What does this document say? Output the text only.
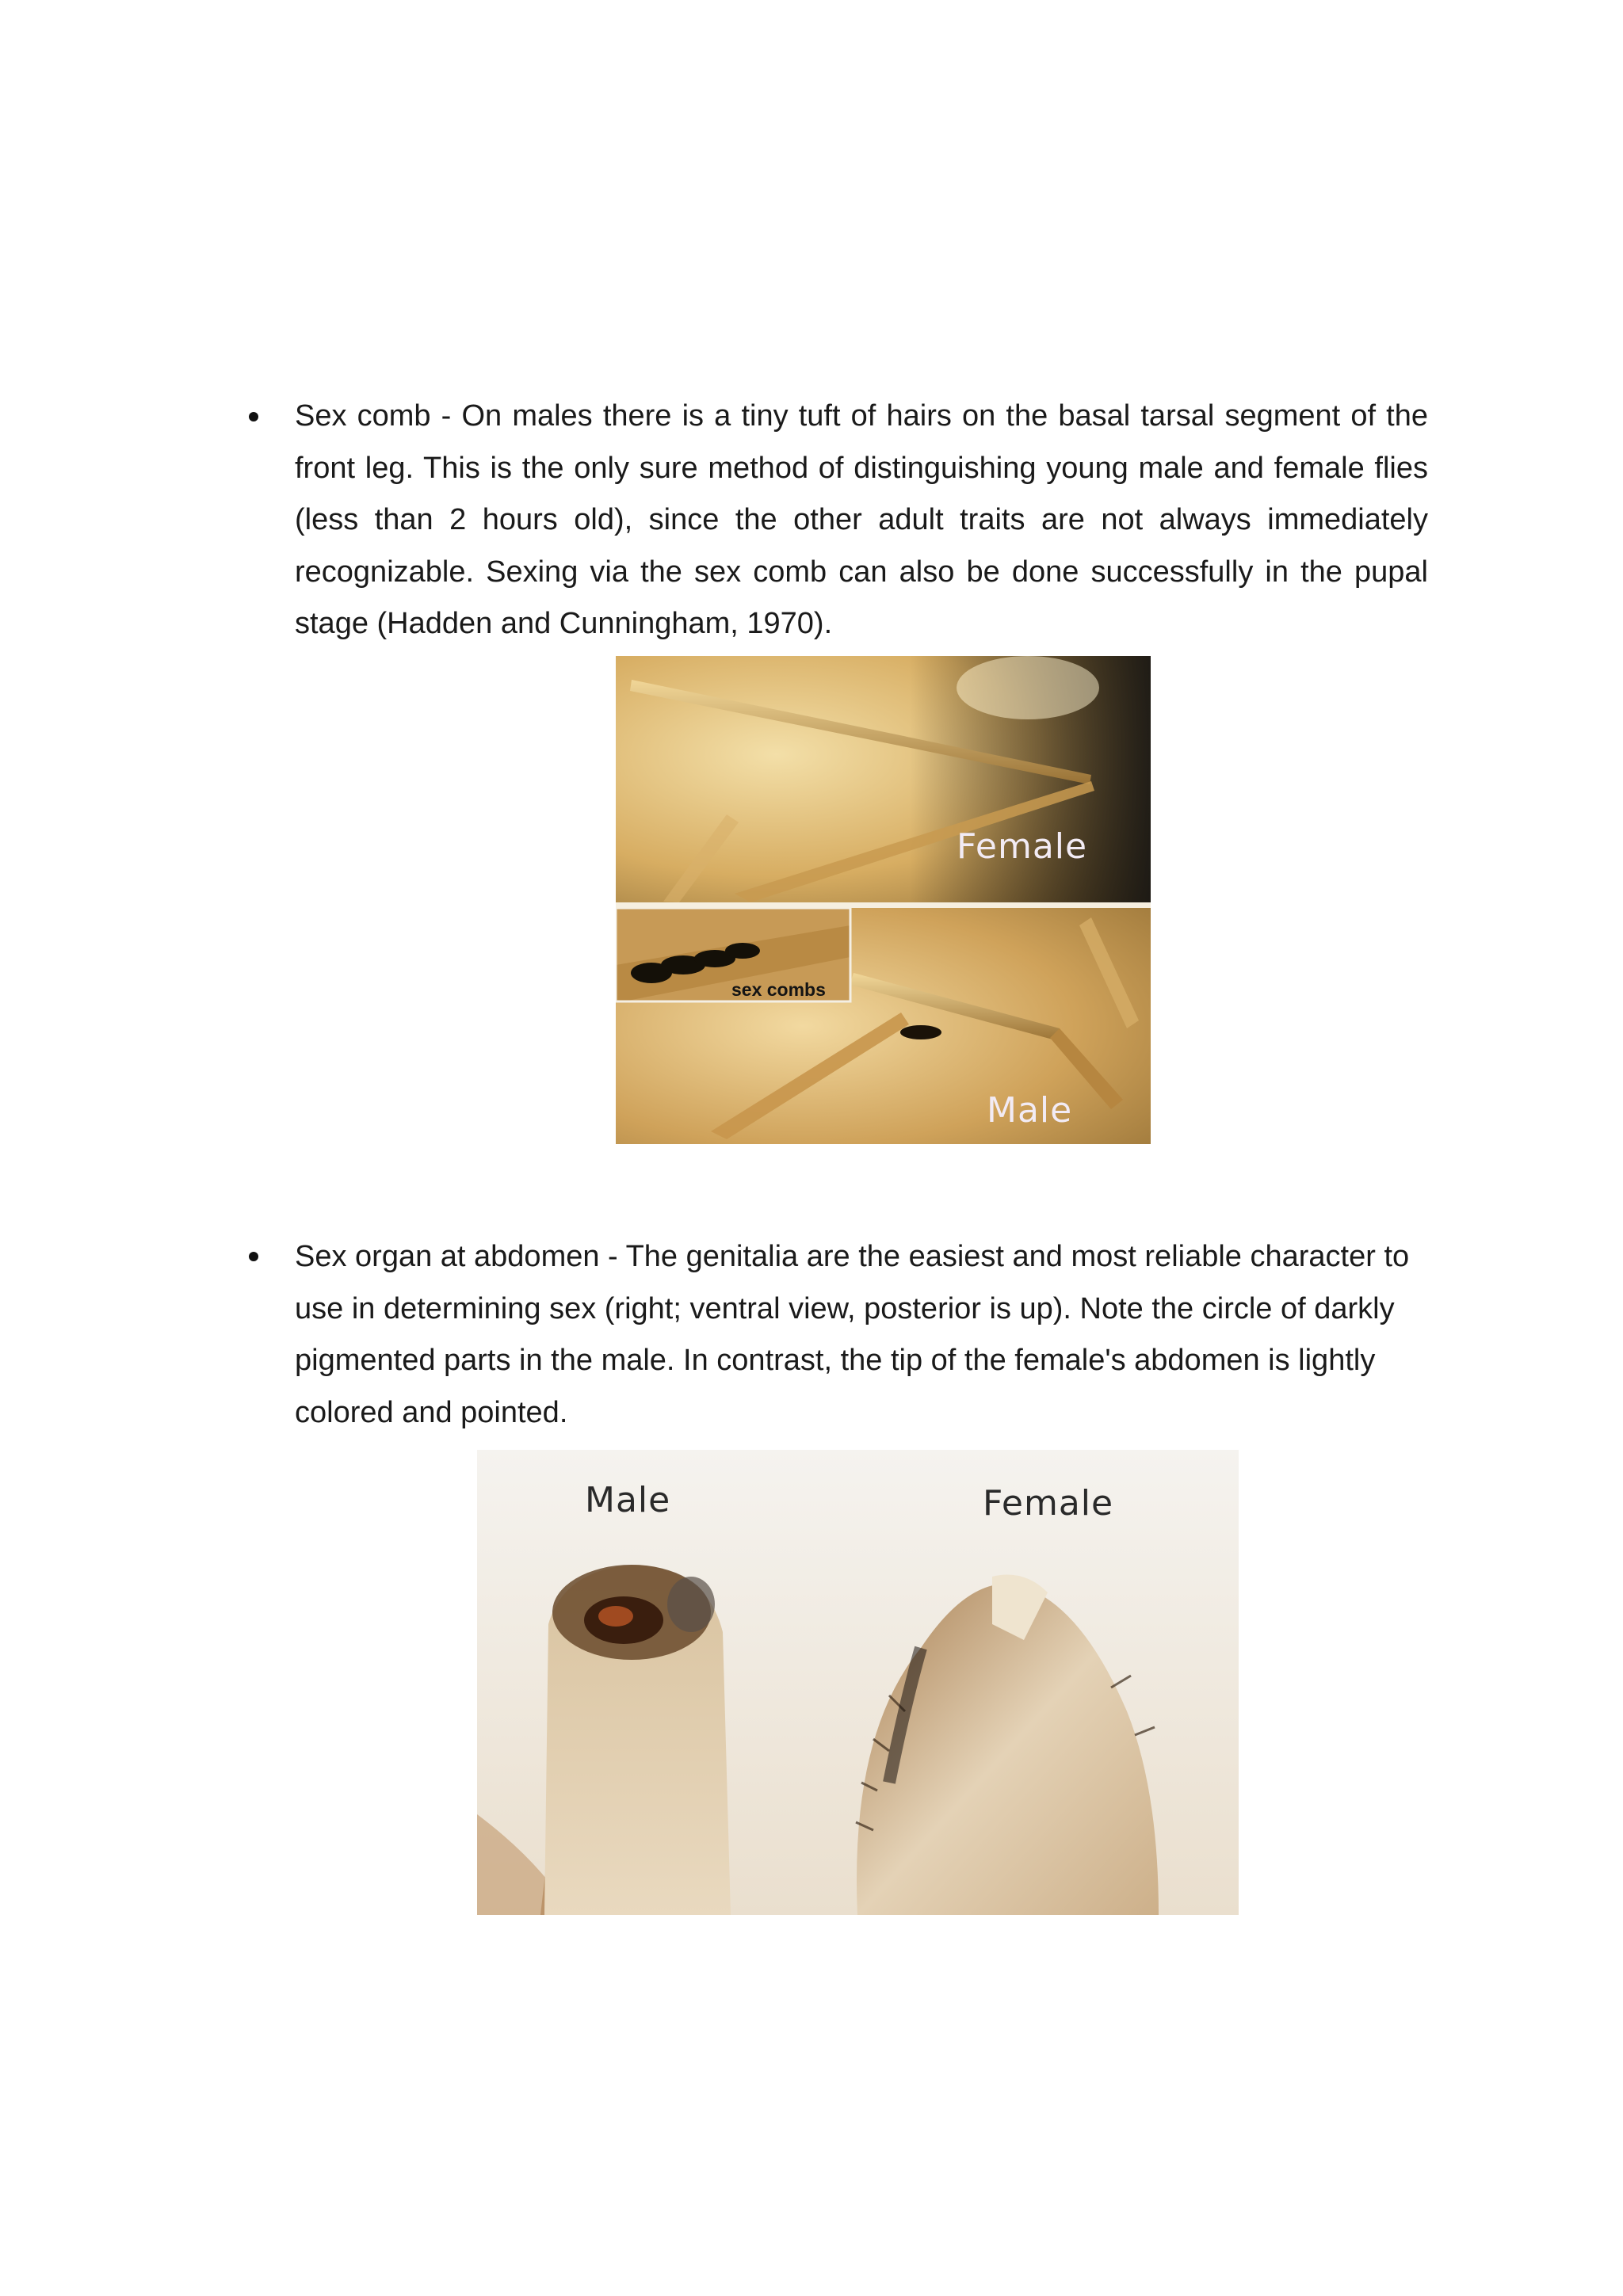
Sex comb - On males there is a tiny tuft of hairs on the basal tarsal segment of the front leg. This is the only sure method of distinguishing young male and female flies (less than 2 hours old), since the other adult traits are not always immediately recognizable. Sexing via the sex comb can also be done successfully in the pupal stage (Hadden and Cunningham, 1970).
Female
sex combs
Male
Sex organ at abdomen - The genitalia are the easiest and most reliable character to use in determining sex (right; ventral view, posterior is up). Note the circle of darkly pigmented parts in the male. In contrast, the tip of the female's abdomen is lightly colored and pointed.
Male	Female
